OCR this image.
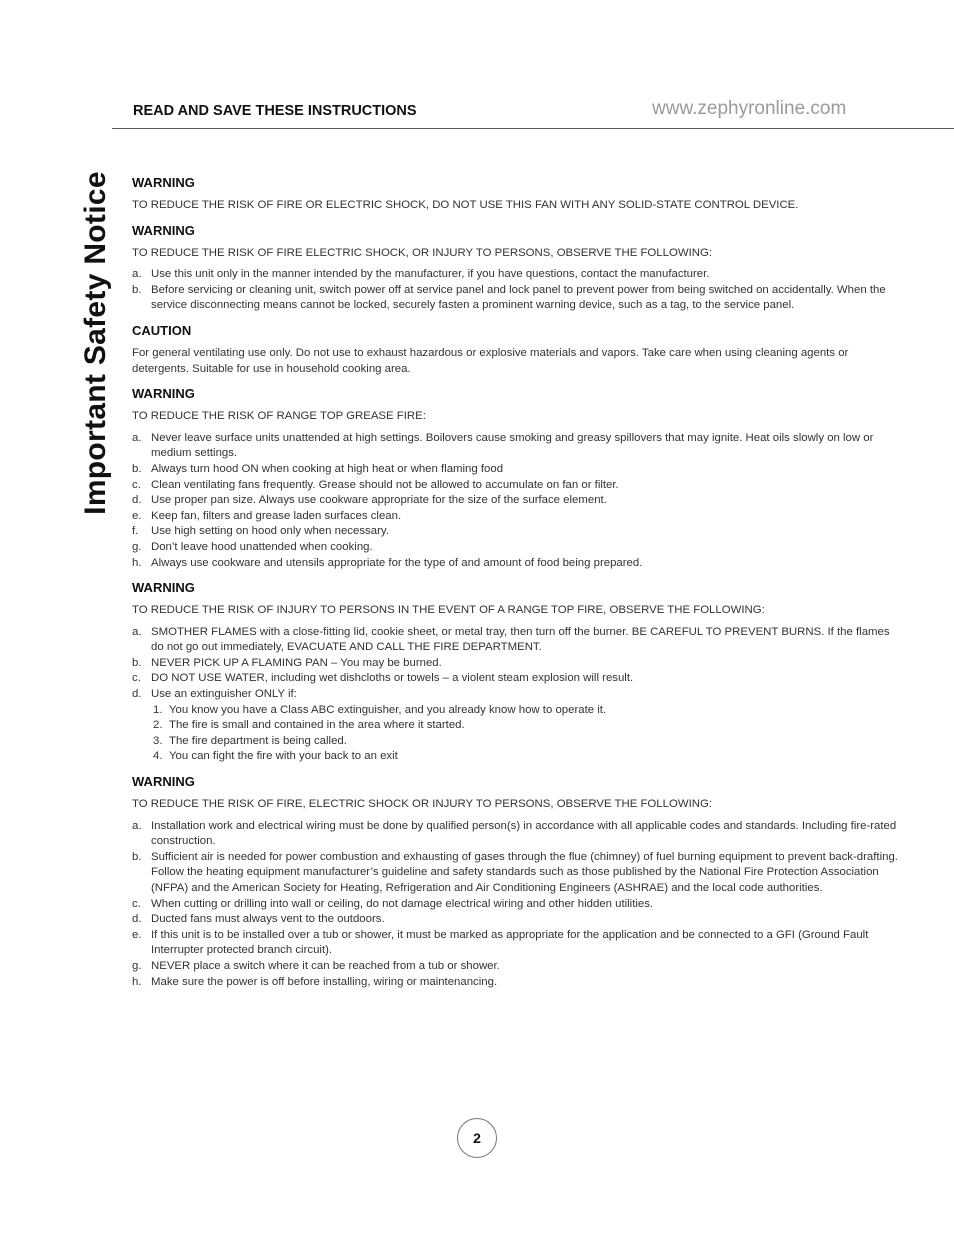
READ AND SAVE THESE INSTRUCTIONS	www.zephyronline.com
Important Safety Notice WARNING
TO REDUCE THE RISK OF FIRE OR ELECTRIC SHOCK, DO NOT USE THIS FAN WITH ANY SOLID-STATE CONTROL DEVICE.
WARNING
TO REDUCE THE RISK OF FIRE ELECTRIC SHOCK, OR INJURY TO PERSONS, OBSERVE THE FOLLOWING:
a. Use this unit only in the manner intended by the manufacturer, if you have questions, contact the manufacturer.
b. Before servicing or cleaning unit, switch power off at service panel and lock panel to prevent power from being switched on accidentally. When the service disconnecting means cannot be locked, securely fasten a prominent warning device, such as a tag, to the service panel.
CAUTION
For general ventilating use only. Do not use to exhaust hazardous or explosive materials and vapors. Take care when using cleaning agents or detergents. Suitable for use in household cooking area.
WARNING
TO REDUCE THE RISK OF RANGE TOP GREASE FIRE:
a. Never leave surface units unattended at high settings. Boilovers cause smoking and greasy spillovers that may ignite. Heat oils slowly on low or medium settings.
b. Always turn hood ON when cooking at high heat or when flaming food
c. Clean ventilating fans frequently. Grease should not be allowed to accumulate on fan or filter.
d. Use proper pan size. Always use cookware appropriate for the size of the surface element.
e. Keep fan, filters and grease laden surfaces clean.
f. Use high setting on hood only when necessary.
g. Don’t leave hood unattended when cooking.
h. Always use cookware and utensils appropriate for the type of and amount of food being prepared.
WARNING
TO REDUCE THE RISK OF INJURY TO PERSONS IN THE EVENT OF A RANGE TOP FIRE, OBSERVE THE FOLLOWING:
a. SMOTHER FLAMES with a close-fitting lid, cookie sheet, or metal tray, then turn off the burner. BE CAREFUL TO PREVENT BURNS. If the flames do not go out immediately, EVACUATE AND CALL THE FIRE DEPARTMENT.
b. NEVER PICK UP A FLAMING PAN – You may be burned.
c. DO NOT USE WATER, including wet dishcloths or towels – a violent steam explosion will result.
d. Use an extinguisher ONLY if:
1. You know you have a Class ABC extinguisher, and you already know how to operate it.
2. The fire is small and contained in the area where it started.
3. The fire department is being called.
4. You can fight the fire with your back to an exit
WARNING
TO REDUCE THE RISK OF FIRE, ELECTRIC SHOCK OR INJURY TO PERSONS, OBSERVE THE FOLLOWING:
a. Installation work and electrical wiring must be done by qualified person(s) in accordance with all applicable codes and standards. Including fire-rated construction.
b. Sufficient air is needed for power combustion and exhausting of gases through the flue (chimney) of fuel burning equipment to prevent back-drafting. Follow the heating equipment manufacturer’s guideline and safety standards such as those published by the National Fire Protection Association (NFPA) and the American Society for Heating, Refrigeration and Air Conditioning Engineers (ASHRAE) and the local code authorities.
c. When cutting or drilling into wall or ceiling, do not damage electrical wiring and other hidden utilities.
d. Ducted fans must always vent to the outdoors.
e. If this unit is to be installed over a tub or shower, it must be marked as appropriate for the application and be connected to a GFI (Ground Fault Interrupter protected branch circuit).
g. NEVER place a switch where it can be reached from a tub or shower.
h. Make sure the power is off before installing, wiring or maintenancing.
2
